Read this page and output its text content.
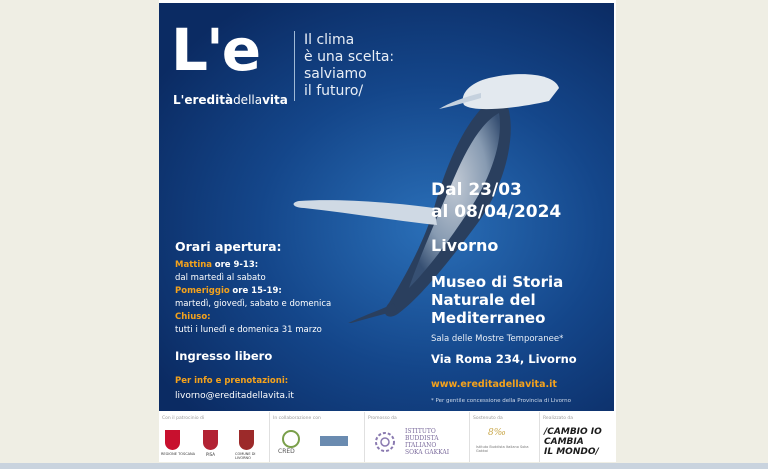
L'e
L'ereditàdellavita
Il clima
è una scelta:
salviamo
il futuro/
Dal 23/03
al 08/04/2024
Livorno
Museo di Storia
Naturale del
Mediterraneo
Sala delle Mostre Temporanee*
Via Roma 234, Livorno
www.ereditadellavita.it
* Per gentile concessione della Provincia di Livorno
Orari apertura:
Mattina ore 9-13:
dal martedì al sabato
Pomeriggio ore 15-19:
martedì, giovedì, sabato e domenica
Chiuso:
tutti i lunedì e domenica 31 marzo
Ingresso libero
Per info e prenotazioni:
livorno@ereditadellavita.it
Con il patrocinio di
REGIONE TOSCANA	PISA	COMUNE DI LIVORNO
In collaborazione con
CRED
Promosso da
ISTITUTO
BUDDISTA
ITALIANO
SOKA GAKKAI
Sostenuto da
8‰
Istituto Buddista Italiano Soka Gakkai
Realizzato da
/CAMBIO IO
CAMBIA
IL MONDO/
